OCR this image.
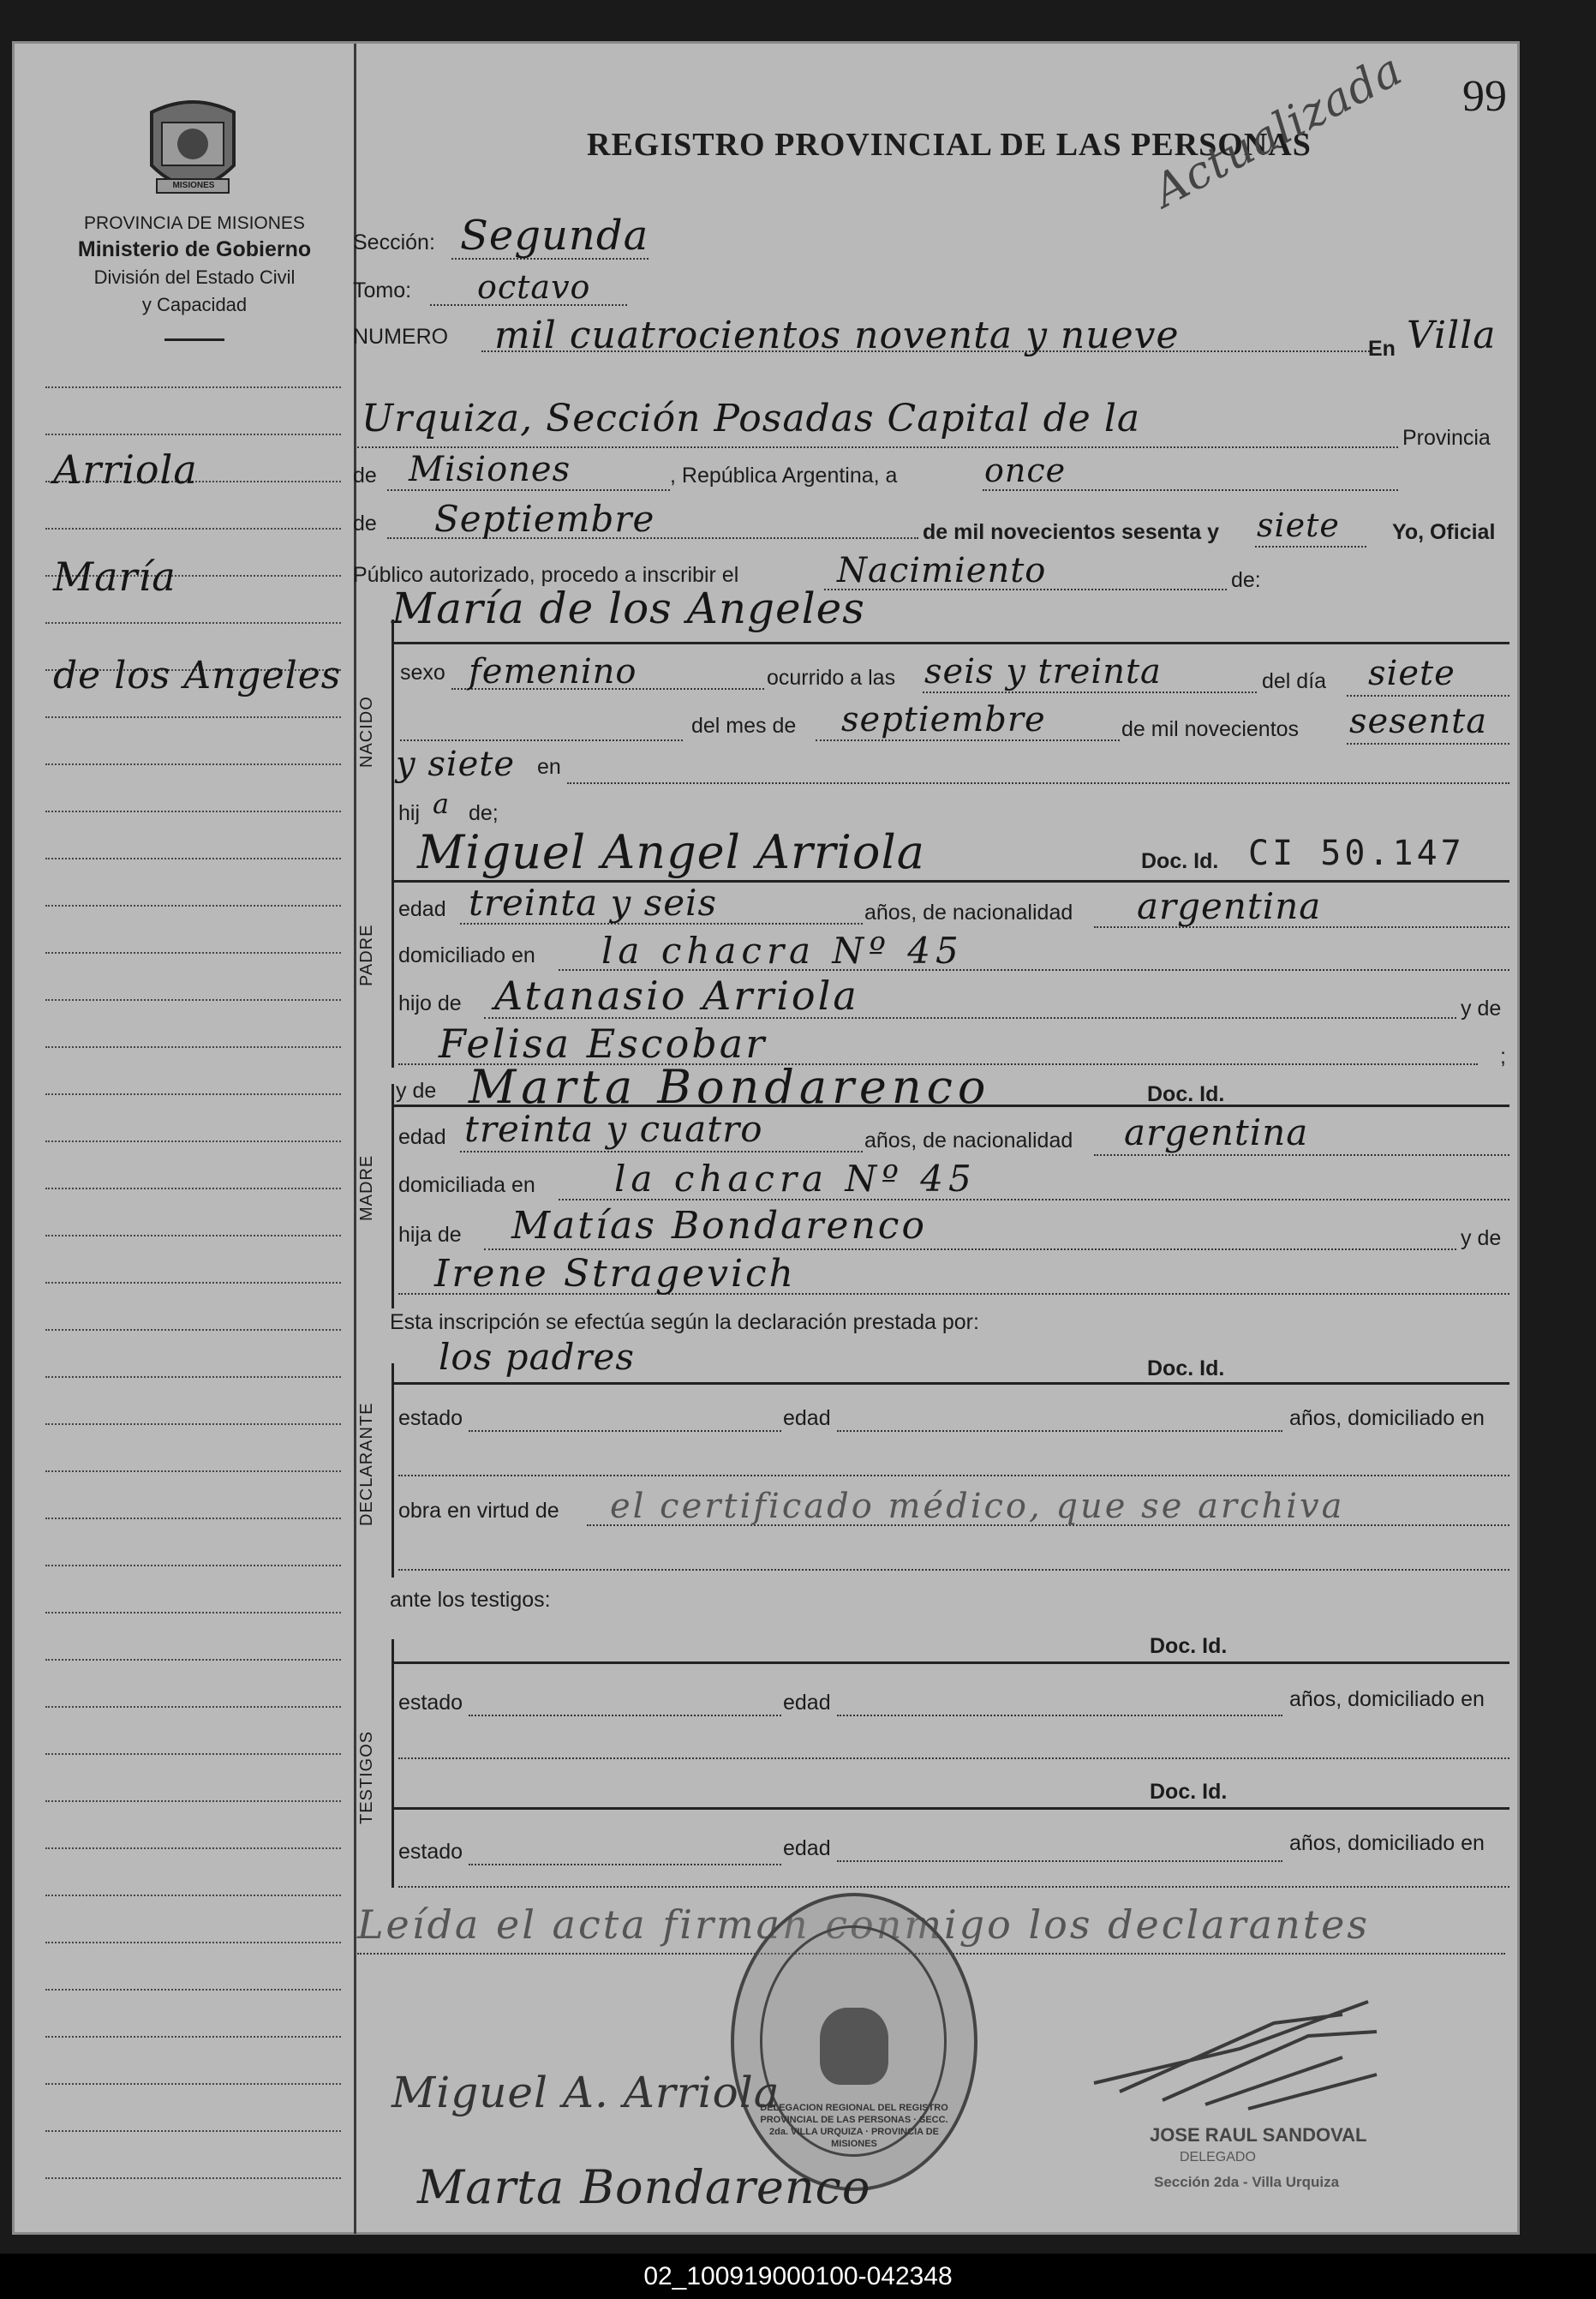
MISIONES
PROVINCIA DE MISIONES
Ministerio de Gobierno
División del Estado Civil
y Capacidad
Arriola
María
de los Angeles
REGISTRO PROVINCIAL DE LAS PERSONAS
99
Actualizada
Sección: Segunda
Tomo: octavo
NUMERO mil cuatrocientos noventa y nueve	En Villa
Urquiza, Sección Posadas Capital de la	Provincia
de Misiones	, República Argentina, a	once
de Septiembre	de mil novecientos sesenta y siete Yo, Oficial
Público autorizado, procedo a inscribir el	Nacimiento	de:
María de los Angeles
NACIDO
sexo femenino	ocurrido a las seis y treinta	del día siete
del mes de septiembre	de mil novecientos sesenta
y siete en
hij a de;
Miguel Angel Arriola	Doc. Id. CI 50.147
PADRE
edad treinta y seis	años, de nacionalidad argentina
domiciliado en la chacra Nº 45
hijo de Atanasio Arriola	y de
Felisa Escobar	;
y de Marta Bondarenco	Doc. Id.
MADRE
edad treinta y cuatro	años, de nacionalidad argentina
domiciliada en la chacra Nº 45
hija de Matías Bondarenco	y de
Irene Stragevich
Esta inscripción se efectúa según la declaración prestada por:
los padres	Doc. Id.
DECLARANTE estado	edad	años, domiciliado en
obra en virtud de el certificado médico, que se archiva
ante los testigos:
Doc. Id.
TESTIGOS
estado	edad	años, domiciliado en
Doc. Id.
estado	edad	años, domiciliado en
Leída el acta firman conmigo los declarantes
DELEGACION REGIONAL DEL REGISTRO PROVINCIAL DE LAS PERSONAS · SECC. 2da. VILLA URQUIZA · PROVINCIA DE MISIONES	JOSE RAUL SANDOVAL
DELEGADO
Sección 2da - Villa Urquiza
Miguel A. Arriola
Marta Bondarenco
02_100919000100-042348
